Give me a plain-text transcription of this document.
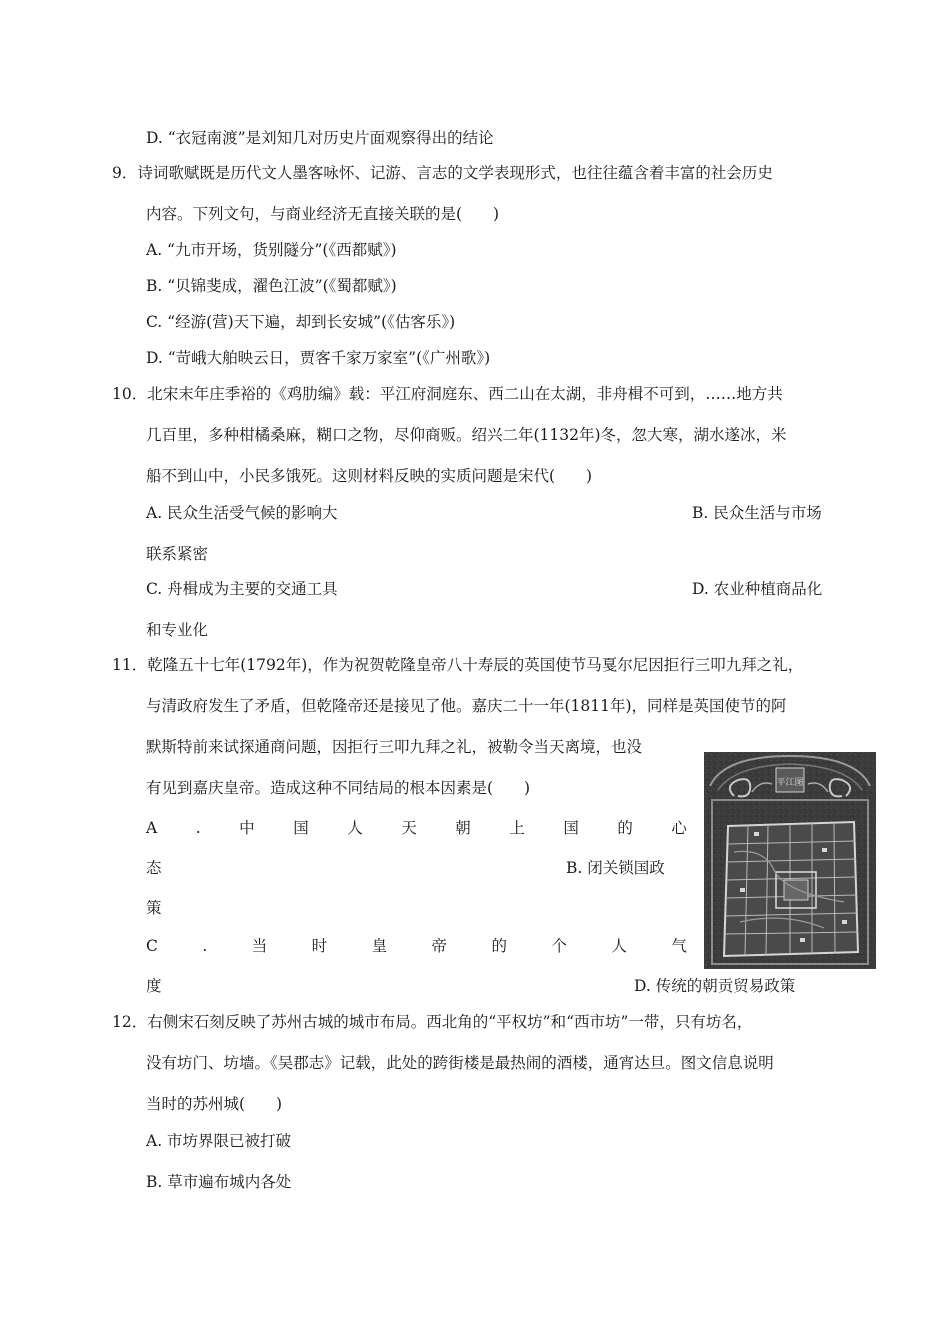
D. “衣冠南渡”是刘知几对历史片面观察得出的结论
9．诗词歌赋既是历代文人墨客咏怀、记游、言志的文学表现形式，也往往蕴含着丰富的社会历史
内容。下列文句，与商业经济无直接关联的是(　　)
A. “九市开场，货别隧分”(《西都赋》)
B. “贝锦斐成，濯色江波”(《蜀都赋》)
C. “经游(营)天下遍，却到长安城”(《估客乐》)
D. “苛峨大舶映云日，贾客千家万家室”(《广州歌》)
10．北宋末年庄季裕的《鸡肋编》载：平江府洞庭东、西二山在太湖，非舟楫不可到，……地方共
几百里，多种柑橘桑麻，糊口之物，尽仰商贩。绍兴二年(1132年)冬，忽大寒，湖水遂冰，米
船不到山中，小民多饿死。这则材料反映的实质问题是宋代(　　)
A. 民众生活受气候的影响大	B. 民众生活与市场
联系紧密
C. 舟楫成为主要的交通工具	D. 农业种植商品化
和专业化
11．乾隆五十七年(1792年)，作为祝贺乾隆皇帝八十寿辰的英国使节马戛尔尼因拒行三叩九拜之礼，
与清政府发生了矛盾，但乾隆帝还是接见了他。嘉庆二十一年(1811年)，同样是英国使节的阿
默斯特前来试探通商问题，因拒行三叩九拜之礼，被勒令当天离境，也没
有见到嘉庆皇帝。造成这种不同结局的根本因素是(　　)
A . 中 国 人 天 朝 上 国 的 心
态	B. 闭关锁国政
策
C	.	当	时	皇	帝	的	个	人	气
度	D. 传统的朝贡贸易政策
平江图
12．右侧宋石刻反映了苏州古城的城市布局。西北角的“平权坊”和“西市坊”一带，只有坊名，
没有坊门、坊墙。《吴郡志》记载，此处的跨街楼是最热闹的酒楼，通宵达旦。图文信息说明
当时的苏州城(　　)
A. 市坊界限已被打破
B. 草市遍布城内各处
